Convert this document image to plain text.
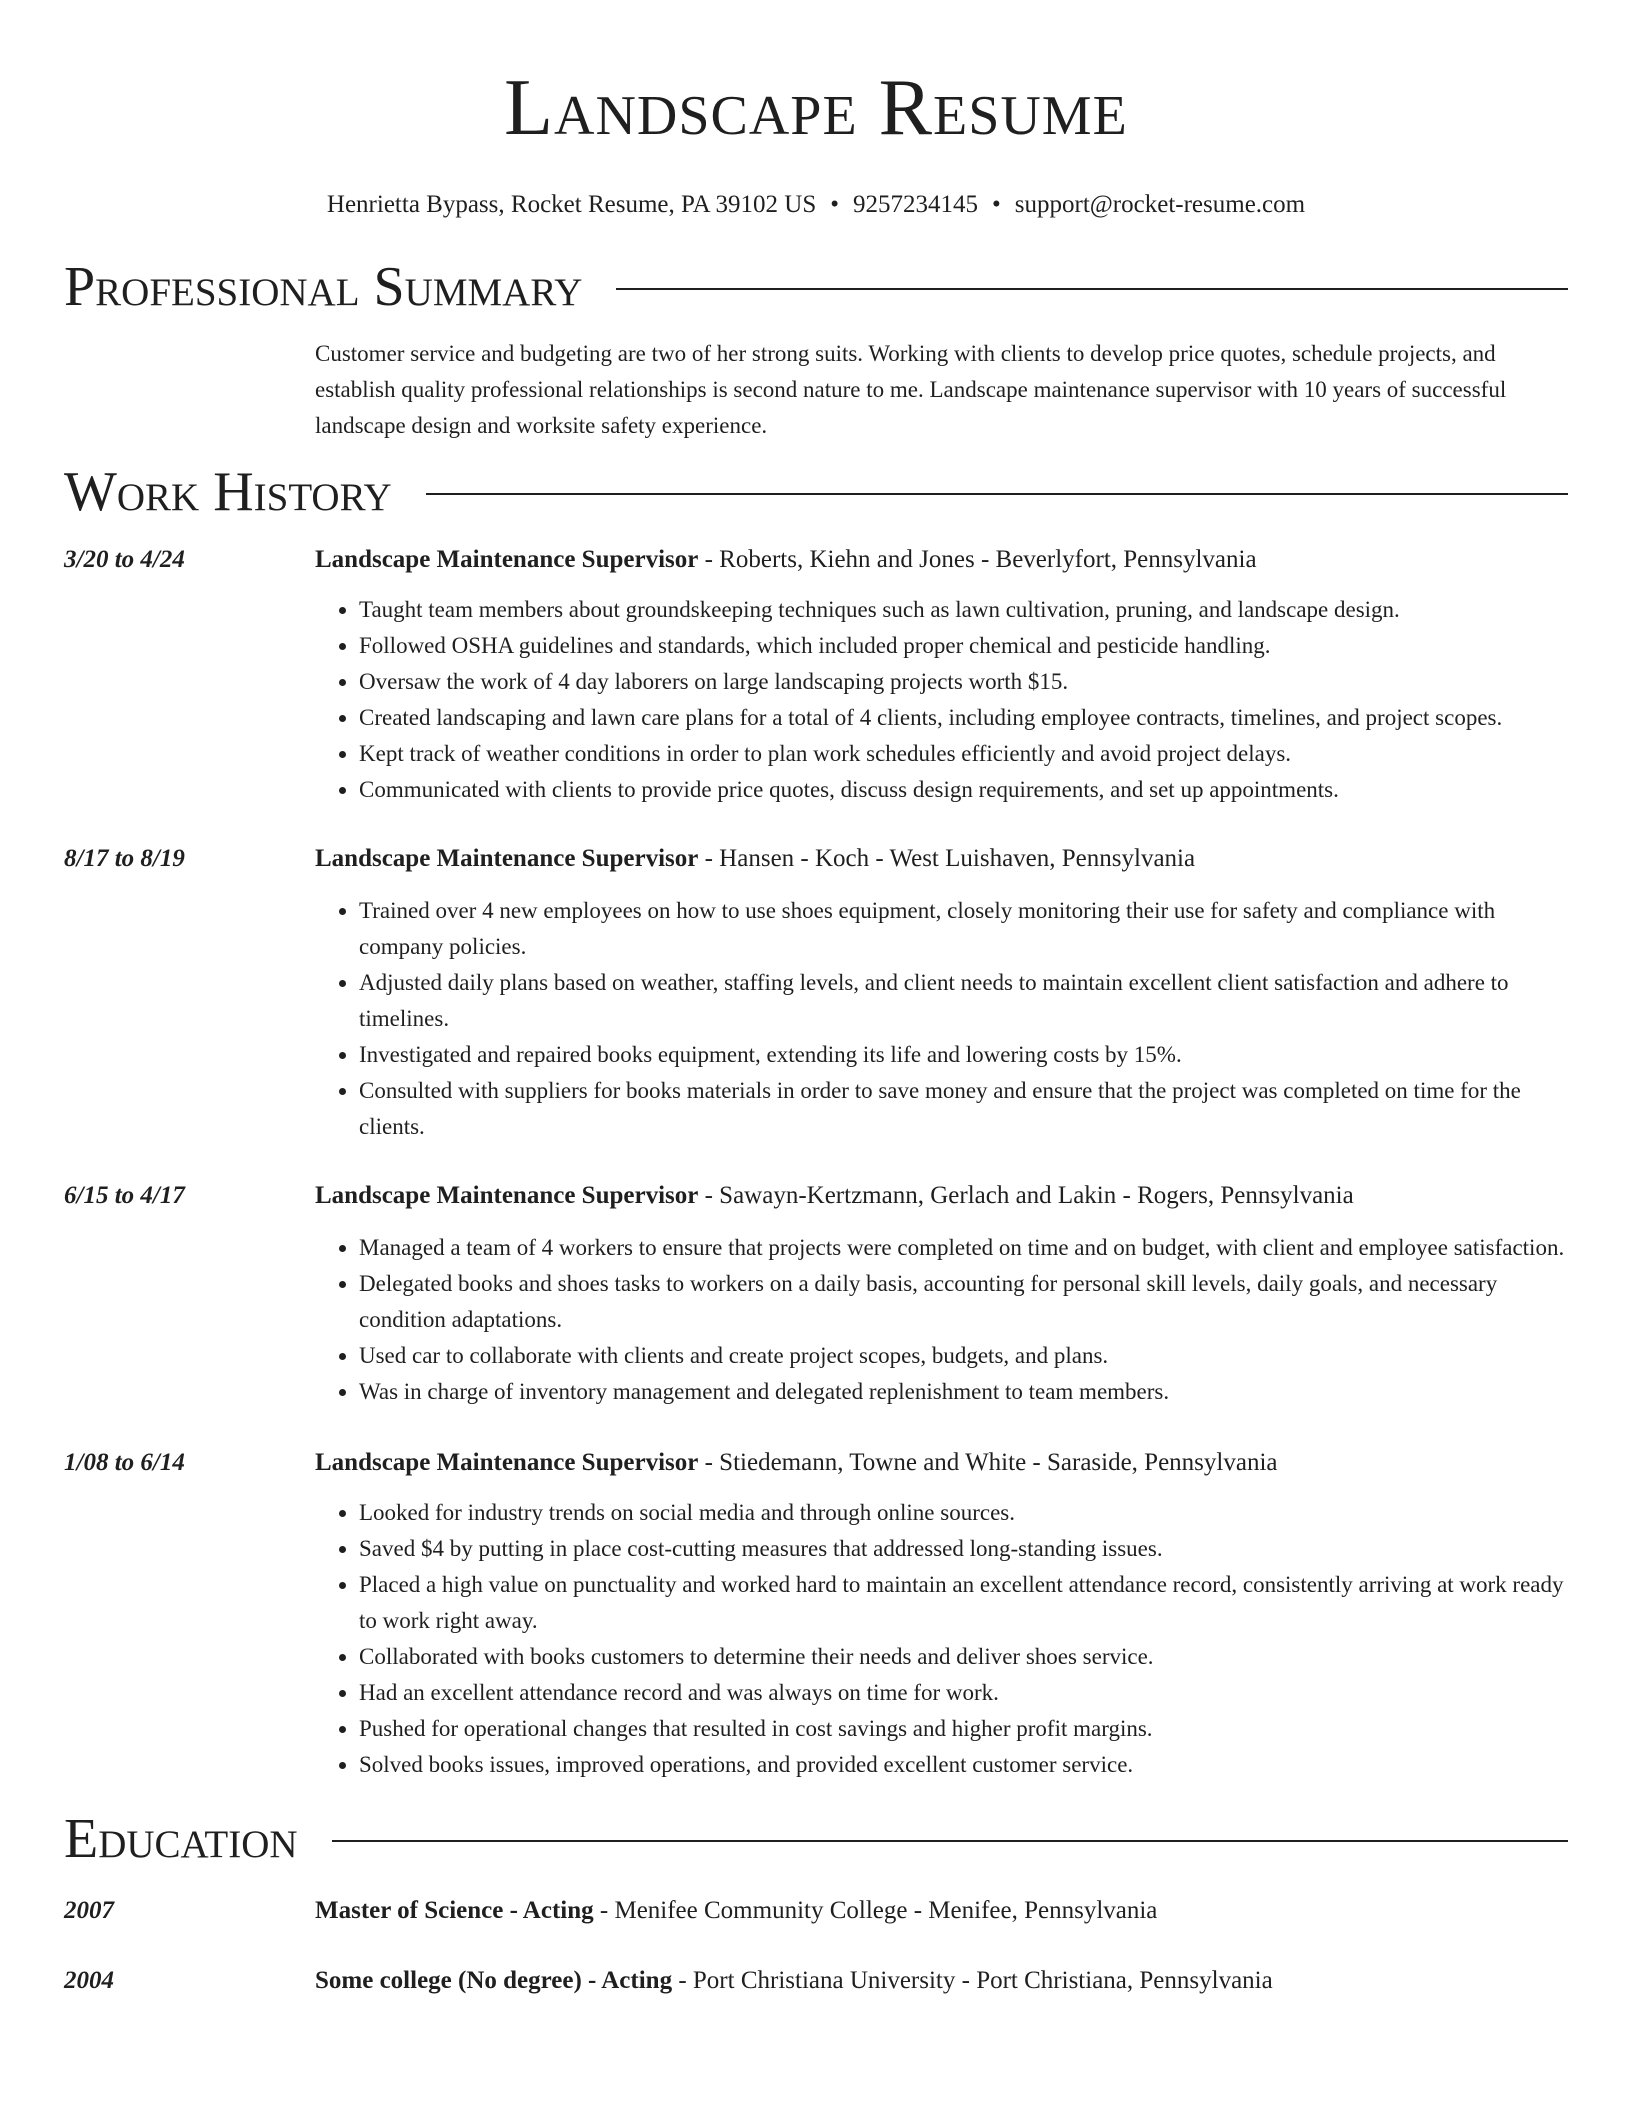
Landscape Resume
Henrietta Bypass, Rocket Resume, PA 39102 US • 9257234145 • support@rocket-resume.com
Professional Summary
Customer service and budgeting are two of her strong suits. Working with clients to develop price quotes, schedule projects, and establish quality professional relationships is second nature to me. Landscape maintenance supervisor with 10 years of successful landscape design and worksite safety experience.
Work History
3/20 to 4/24	Landscape Maintenance Supervisor - Roberts, Kiehn and Jones - Beverlyfort, Pennsylvania
• Taught team members about groundskeeping techniques such as lawn cultivation, pruning, and landscape design.
• Followed OSHA guidelines and standards, which included proper chemical and pesticide handling.
• Oversaw the work of 4 day laborers on large landscaping projects worth $15.
• Created landscaping and lawn care plans for a total of 4 clients, including employee contracts, timelines, and project scopes.
• Kept track of weather conditions in order to plan work schedules efficiently and avoid project delays.
• Communicated with clients to provide price quotes, discuss design requirements, and set up appointments.
8/17 to 8/19	Landscape Maintenance Supervisor - Hansen - Koch - West Luishaven, Pennsylvania
• Trained over 4 new employees on how to use shoes equipment, closely monitoring their use for safety and compliance with company policies.
• Adjusted daily plans based on weather, staffing levels, and client needs to maintain excellent client satisfaction and adhere to timelines.
• Investigated and repaired books equipment, extending its life and lowering costs by 15%.
• Consulted with suppliers for books materials in order to save money and ensure that the project was completed on time for the clients.
6/15 to 4/17	Landscape Maintenance Supervisor - Sawayn-Kertzmann, Gerlach and Lakin - Rogers, Pennsylvania
• Managed a team of 4 workers to ensure that projects were completed on time and on budget, with client and employee satisfaction.
• Delegated books and shoes tasks to workers on a daily basis, accounting for personal skill levels, daily goals, and necessary condition adaptations.
• Used car to collaborate with clients and create project scopes, budgets, and plans.
• Was in charge of inventory management and delegated replenishment to team members.
1/08 to 6/14	Landscape Maintenance Supervisor - Stiedemann, Towne and White - Saraside, Pennsylvania
• Looked for industry trends on social media and through online sources.
• Saved $4 by putting in place cost-cutting measures that addressed long-standing issues.
• Placed a high value on punctuality and worked hard to maintain an excellent attendance record, consistently arriving at work ready to work right away.
• Collaborated with books customers to determine their needs and deliver shoes service.
• Had an excellent attendance record and was always on time for work.
• Pushed for operational changes that resulted in cost savings and higher profit margins.
• Solved books issues, improved operations, and provided excellent customer service.
Education
2007	Master of Science - Acting - Menifee Community College - Menifee, Pennsylvania
2004	Some college (No degree) - Acting - Port Christiana University - Port Christiana, Pennsylvania
